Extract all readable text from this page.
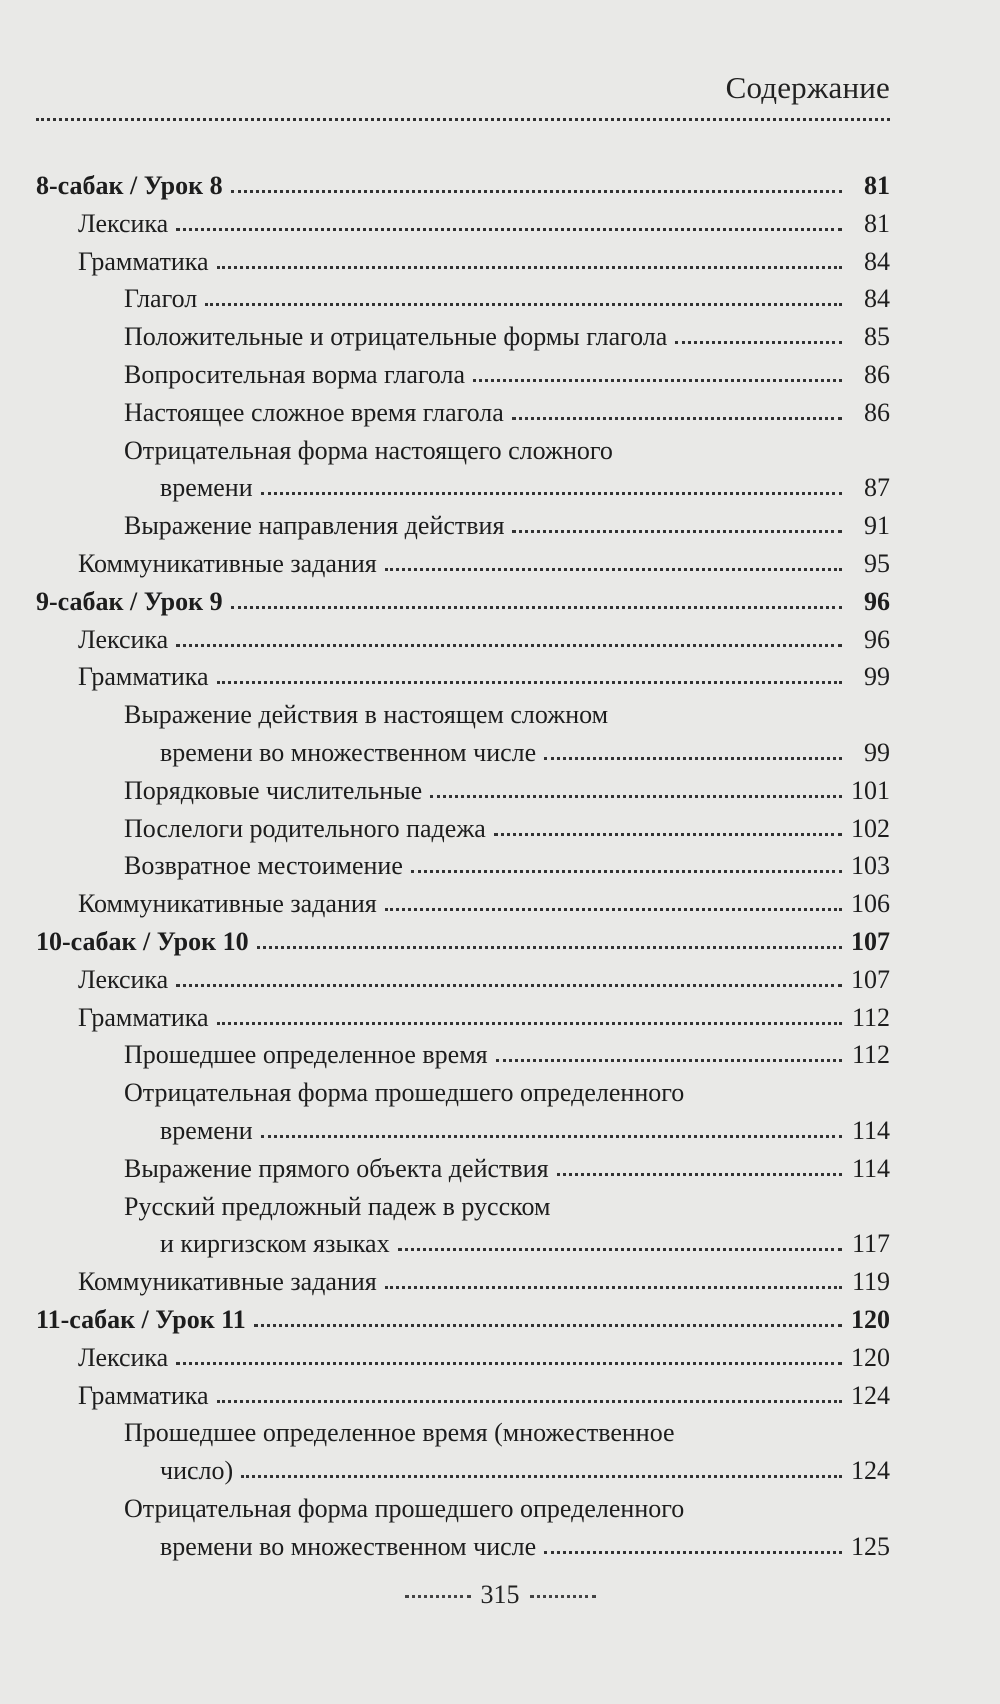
Содержание
8-сабак / Урок 8	81
Лексика	81
Грамматика	84
Глагол	84
Положительные и отрицательные формы глагола	85
Вопросительная ворма глагола	86
Настоящее сложное время глагола	86
Отрицательная форма настоящего сложного
времени	87
Выражение направления действия	91
Коммуникативные задания	95
9-сабак / Урок 9	96
Лексика	96
Грамматика	99
Выражение действия в настоящем сложном
времени во множественном числе	99
Порядковые числительные	101
Послелоги родительного падежа	102
Возвратное местоимение	103
Коммуникативные задания	106
10-сабак / Урок 10	107
Лексика	107
Грамматика	112
Прошедшее определенное время	112
Отрицательная форма прошедшего определенного
времени	114
Выражение прямого объекта действия	114
Русский предложный падеж в русском
и киргизском языках	117
Коммуникативные задания	119
11-сабак / Урок 11	120
Лексика	120
Грамматика	124
Прошедшее определенное время (множественное
число)	124
Отрицательная форма прошедшего определенного
времени во множественном числе	125
315
